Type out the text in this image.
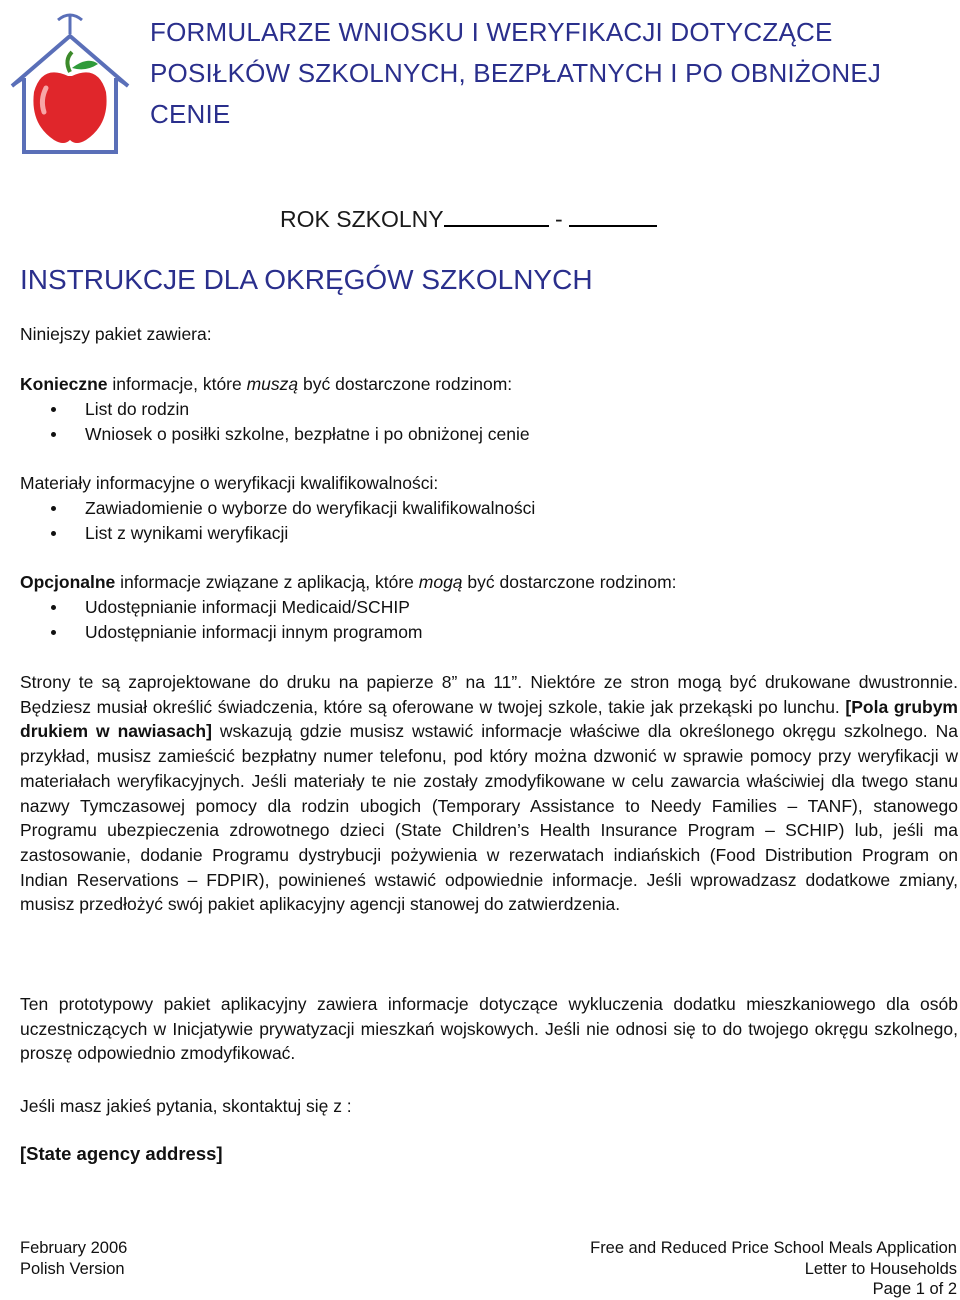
FORMULARZE WNIOSKU I WERYFIKACJI DOTYCZĄCE
POSIŁKÓW SZKOLNYCH, BEZPŁATNYCH I PO OBNIŻONEJ
CENIE
ROK SZKOLNY	-
INSTRUKCJE DLA OKRĘGÓW SZKOLNYCH
Niniejszy pakiet zawiera:
Konieczne informacje, które muszą być dostarczone rodzinom:
List do rodzin
Wniosek o posiłki szkolne, bezpłatne i po obniżonej cenie
Materiały informacyjne o weryfikacji kwalifikowalności:
Zawiadomienie o wyborze do weryfikacji kwalifikowalności
List z wynikami weryfikacji
Opcjonalne informacje związane z aplikacją, które mogą być dostarczone rodzinom:
Udostępnianie informacji Medicaid/SCHIP
Udostępnianie informacji innym programom
Strony te są zaprojektowane do druku na papierze 8” na 11”. Niektóre ze stron mogą być drukowane dwustronnie. Będziesz musiał określić świadczenia, które są oferowane w twojej szkole, takie jak przekąski po lunchu. [Pola grubym drukiem w nawiasach] wskazują gdzie musisz wstawić informacje właściwe dla określonego okręgu szkolnego. Na przykład, musisz zamieścić bezpłatny numer telefonu, pod który można dzwonić w sprawie pomocy przy weryfikacji w materiałach weryfikacyjnych. Jeśli materiały te nie zostały zmodyfikowane w celu zawarcia właściwiej dla twego stanu nazwy Tymczasowej pomocy dla rodzin ubogich (Temporary Assistance to Needy Families – TANF), stanowego Programu ubezpieczenia zdrowotnego dzieci (State Children’s Health Insurance Program – SCHIP) lub, jeśli ma zastosowanie, dodanie Programu dystrybucji pożywienia w rezerwatach indiańskich (Food Distribution Program on Indian Reservations – FDPIR), powinieneś wstawić odpowiednie informacje. Jeśli wprowadzasz dodatkowe zmiany, musisz przedłożyć swój pakiet aplikacyjny agencji stanowej do zatwierdzenia.
Ten prototypowy pakiet aplikacyjny zawiera informacje dotyczące wykluczenia dodatku mieszkaniowego dla osób uczestniczących w Inicjatywie prywatyzacji mieszkań wojskowych. Jeśli nie odnosi się to do twojego okręgu szkolnego, proszę odpowiednio zmodyfikować.
Jeśli masz jakieś pytania, skontaktuj się z :
[State agency address]
February 2006
Polish Version
Free and Reduced Price School Meals Application
Letter to Households
Page 1 of 2
